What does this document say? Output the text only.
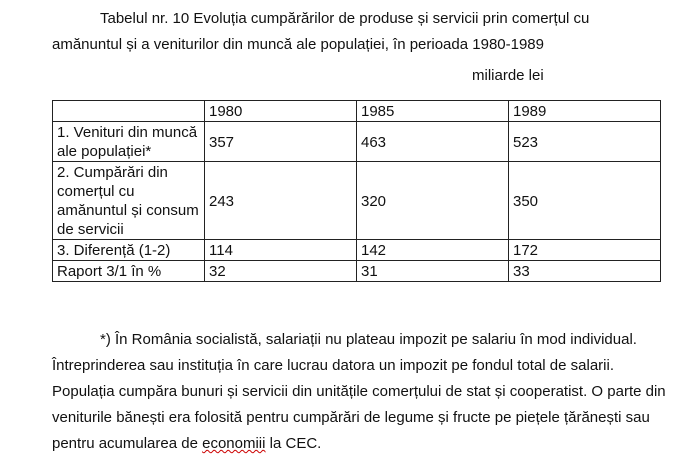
Tabelul nr. 10 Evoluția cumpărărilor de produse și servicii prin comerțul cu
amănuntul și a veniturilor din muncă ale populației, în perioada 1980-1989
miliarde lei
	1980	1985	1989
1. Venituri din muncă ale populației*	357	463	523
2. Cumpărări din comerțul cu amănuntul și consum de servicii	243	320	350
3. Diferență (1-2)	114	142	172
Raport 3/1 în %	32	31	33
*) În România socialistă, salariații nu plateau impozit pe salariu în mod individual. Întreprinderea sau instituția în care lucrau datora un impozit pe fondul total de salarii. Populația cumpăra bunuri și servicii din unitățile comerțului de stat și cooperatist. O parte din veniturile bănești era folosită pentru cumpărări de legume și fructe pe piețele țărănești sau pentru acumularea de economiii la CEC.
